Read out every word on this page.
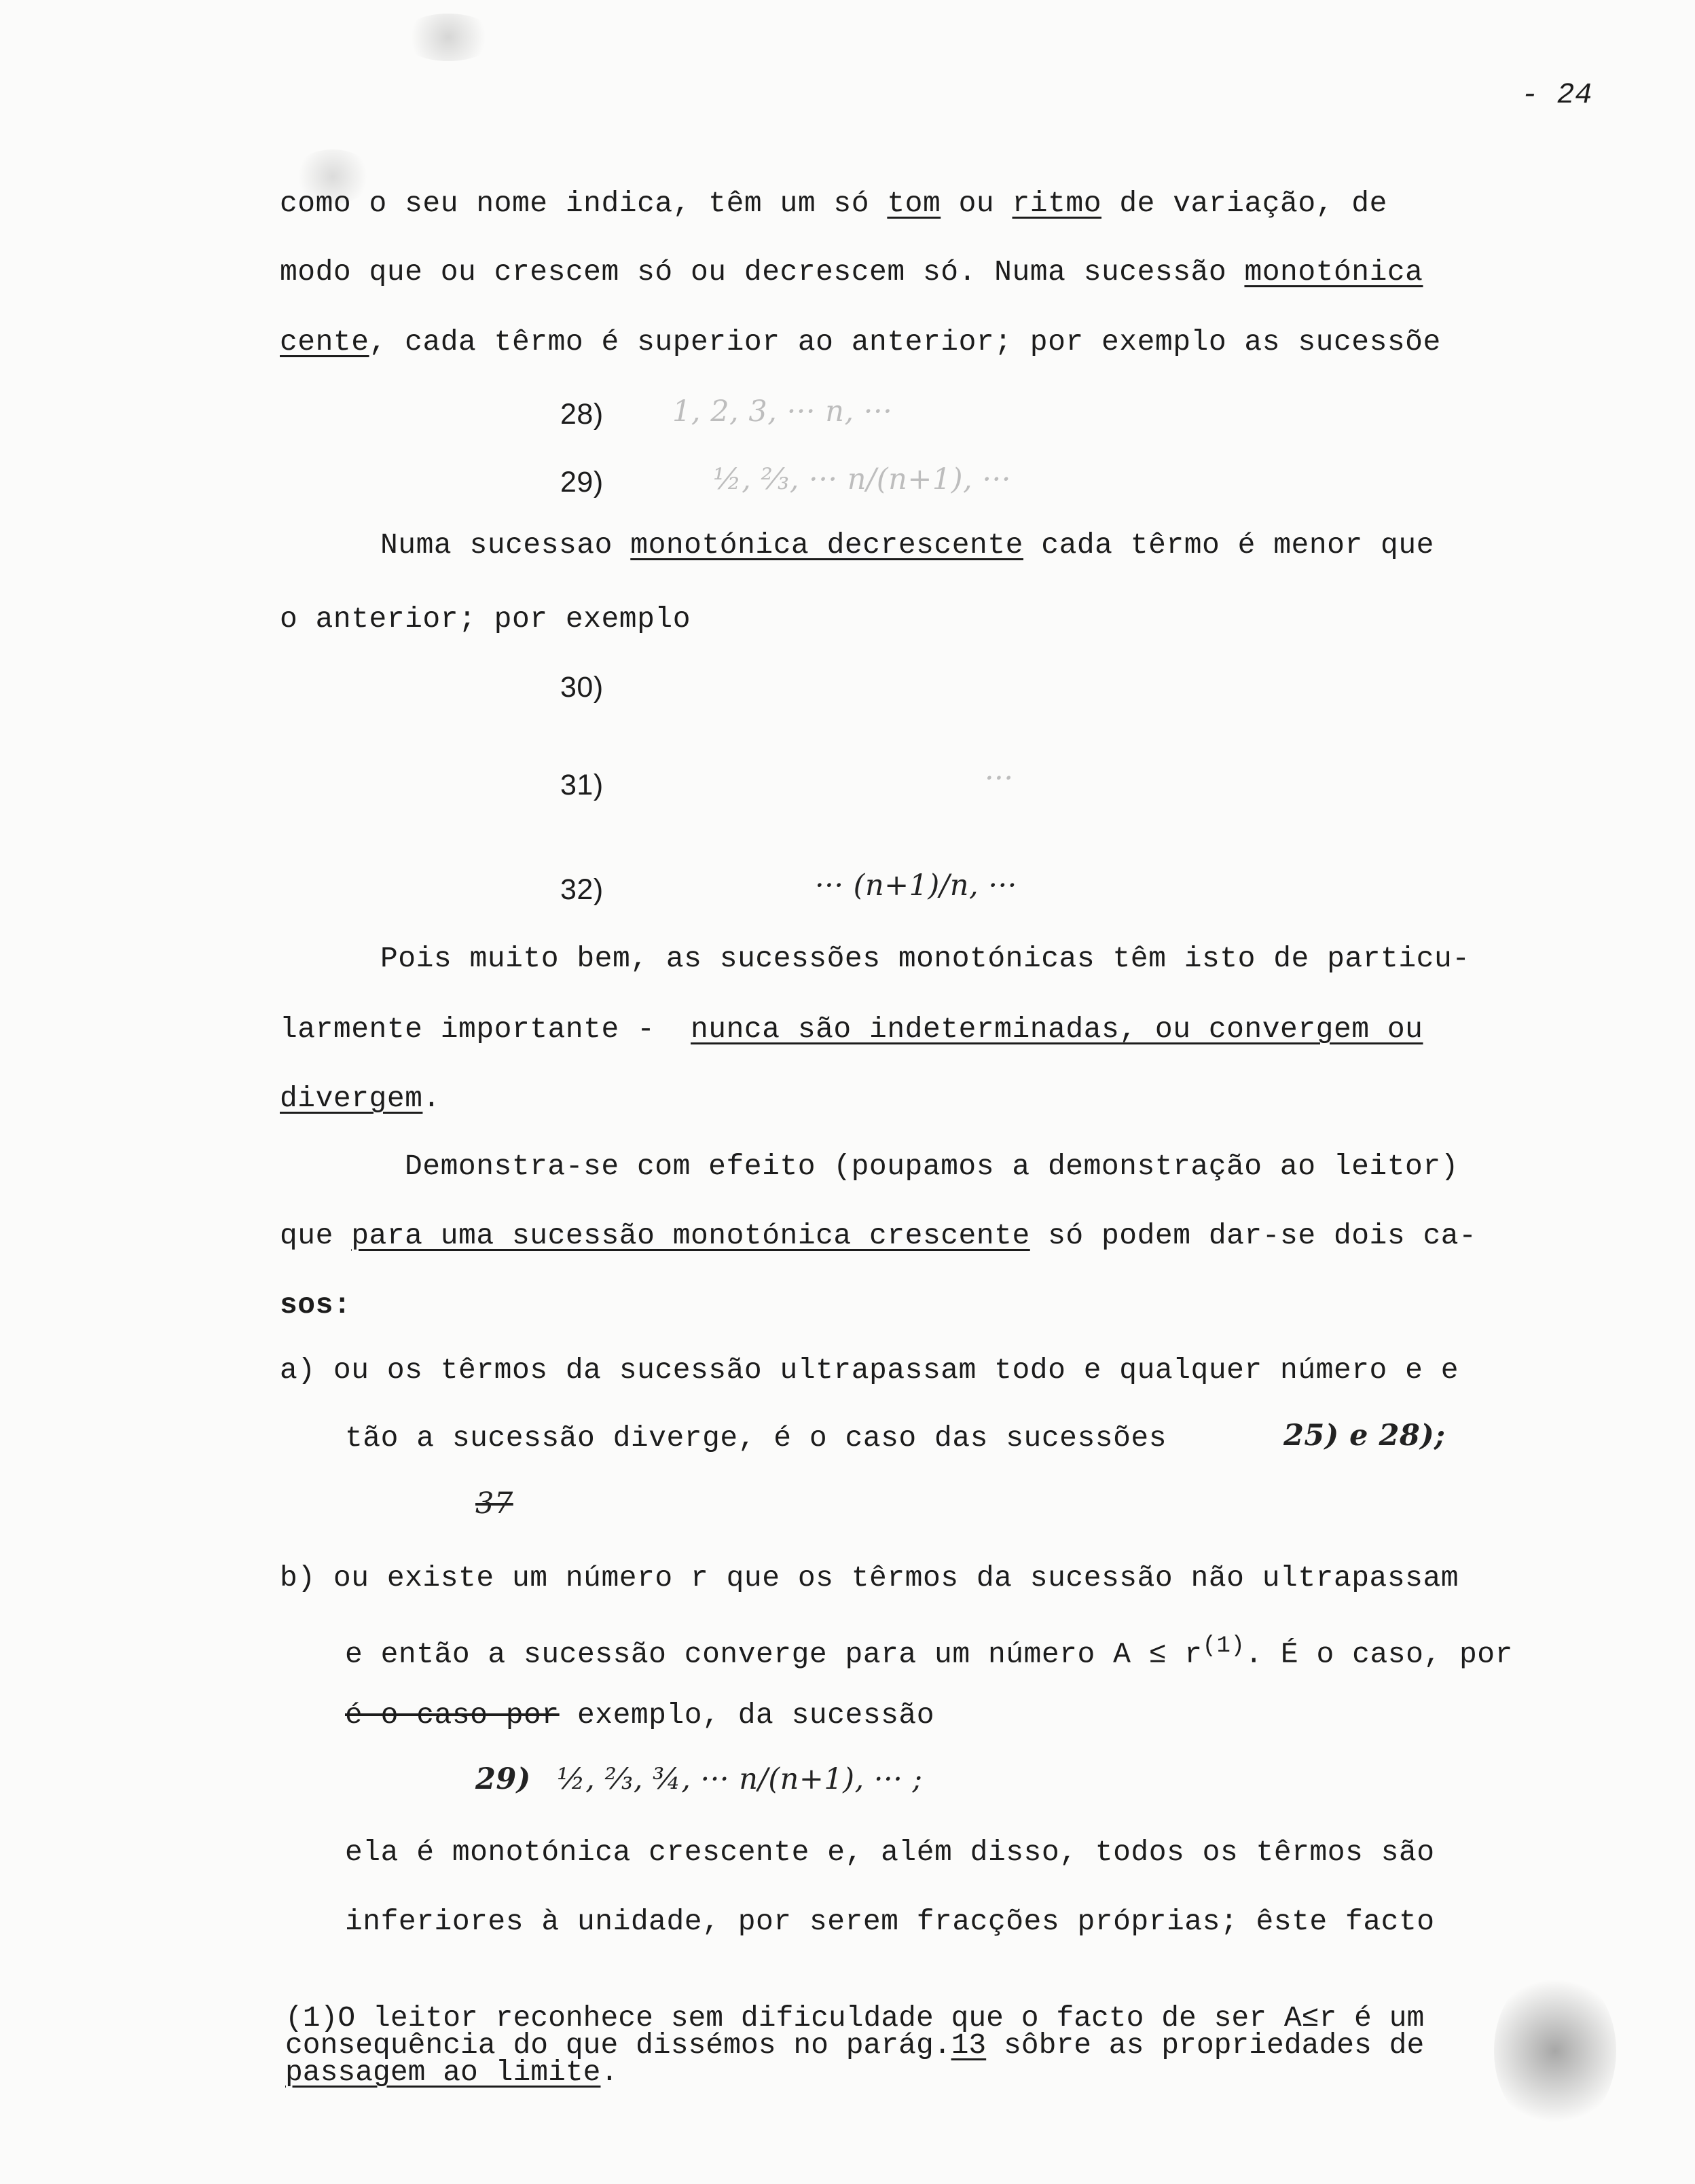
- 24
como o seu nome indica, têm um só tom ou ritmo de variação, de
modo que ou crescem só ou decrescem só. Numa sucessão monotónica
cente, cada têrmo é superior ao anterior; por exemplo as sucessõe
28) 1, 2, 3, ··· n, ···
29)	½, ⅔, ··· n/(n+1), ···
Numa sucessao monotónica decrescente cada têrmo é menor que
o anterior; por exemplo
30)
31)	···
32)	··· (n+1)/n, ···
Pois muito bem, as sucessões monotónicas têm isto de particu-
larmente importante -  nunca são indeterminadas, ou convergem ou
divergem.
Demonstra-se com efeito (poupamos a demonstração ao leitor)
que para uma sucessão monotónica crescente só podem dar-se dois ca-
sos:
a) ou os têrmos da sucessão ultrapassam todo e qualquer número e e
tão a sucessão diverge, é o caso das sucessões	25) e 28);
37
b) ou existe um número r que os têrmos da sucessão não ultrapassam
e então a sucessão converge para um número $A \le r^{(1)}$. É o caso, por
é o caso por exemplo, da sucessão
29) ½, ⅔, ¾, ··· n/(n+1), ··· ;
ela é monotónica crescente e, além disso, todos os têrmos são
inferiores à unidade, por serem fracções próprias; êste facto
(1)O leitor reconhece sem dificuldade que o facto de ser A≤r é um
consequência do que dissémos no parág.13 sôbre as propriedades de
passagem ao limite.
